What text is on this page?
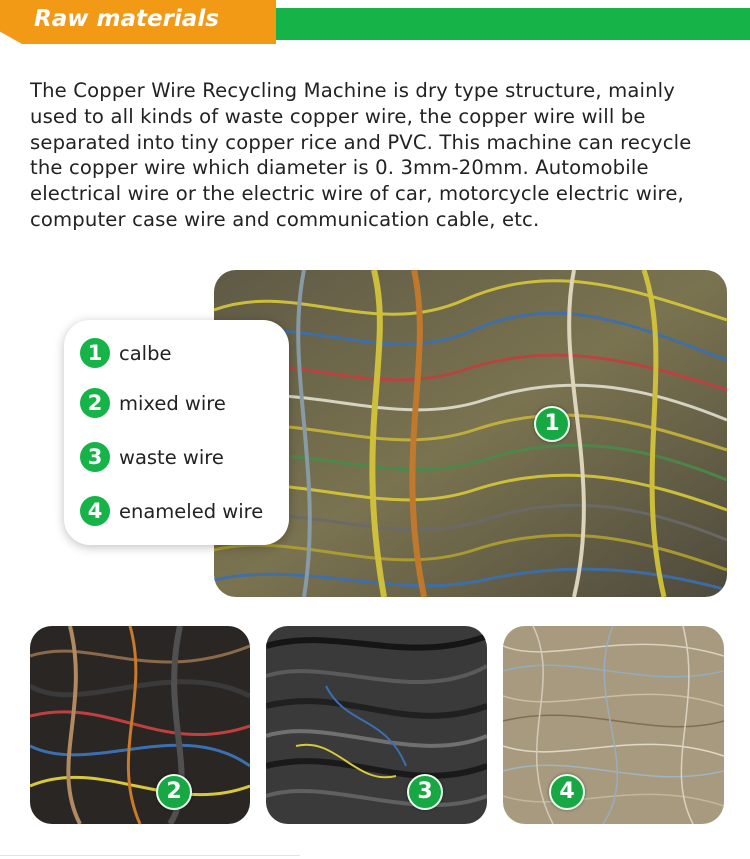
Raw materials
The Copper Wire Recycling Machine is dry type structure, mainly
used to all kinds of waste copper wire, the copper wire will be
separated into tiny copper rice and PVC. This machine can recycle
the copper wire which diameter is 0. 3mm-20mm. Automobile
electrical wire or the electric wire of car, motorcycle electric wire,
computer case wire and communication cable, etc.
1
1 calbe
2 mixed wire
3 waste wire
4 enameled wire
2	3	4
